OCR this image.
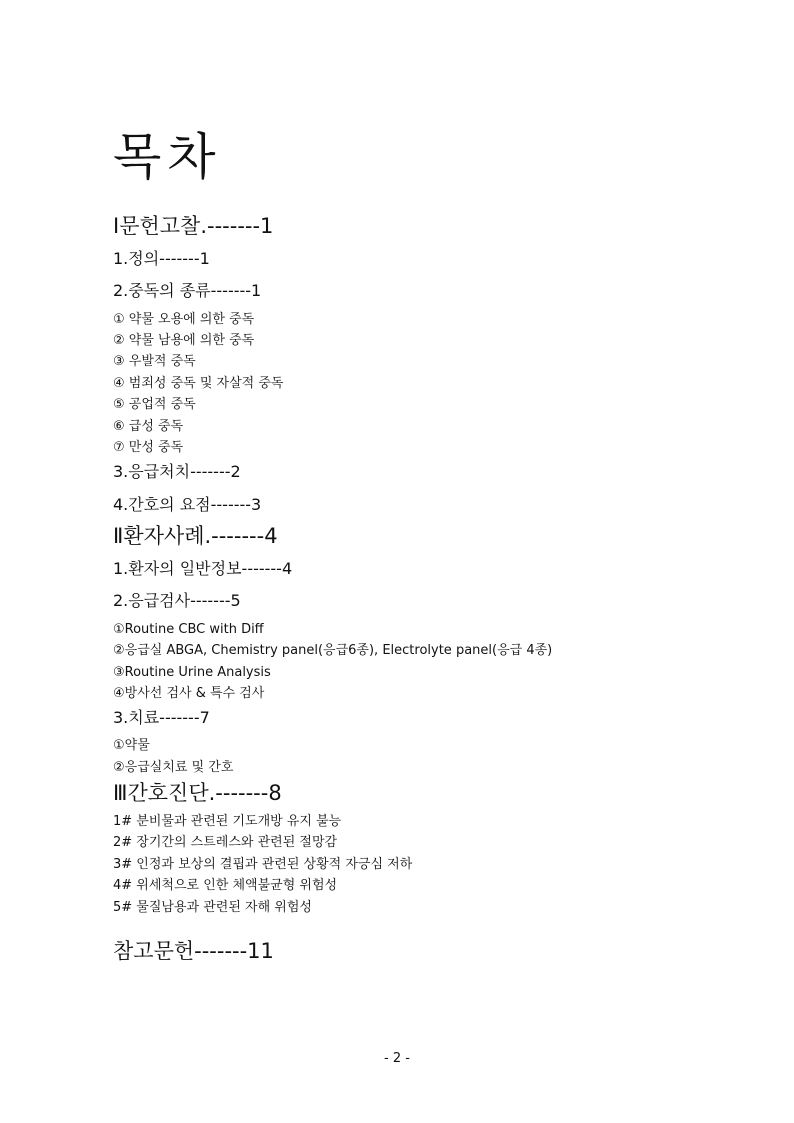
목차
Ⅰ문헌고찰.-------1
1.정의-------1
2.중독의 종류-------1
① 약물 오용에 의한 중독
② 약물 남용에 의한 중독
③ 우발적 중독
④ 범죄성 중독 및 자살적 중독
⑤ 공업적 중독
⑥ 급성 중독
⑦ 만성 중독
3.응급처치-------2
4.간호의 요점-------3
Ⅱ환자사례.-------4
1.환자의 일반정보-------4
2.응급검사-------5
①Routine CBC with Diff
②응급실 ABGA, Chemistry panel(응급6종), Electrolyte panel(응급 4종)
③Routine Urine Analysis
④방사선 검사 & 특수 검사
3.치료-------7
①약물
②응급실치료 및 간호
Ⅲ간호진단.-------8
1# 분비물과 관련된 기도개방 유지 불능
2# 장기간의 스트레스와 관련된 절망감
3# 인정과 보상의 결핍과 관련된 상황적 자긍심 저하
4# 위세척으로 인한 체액불균형 위험성
5# 물질남용과 관련된 자해 위험성
참고문헌-------11
- 2 -
